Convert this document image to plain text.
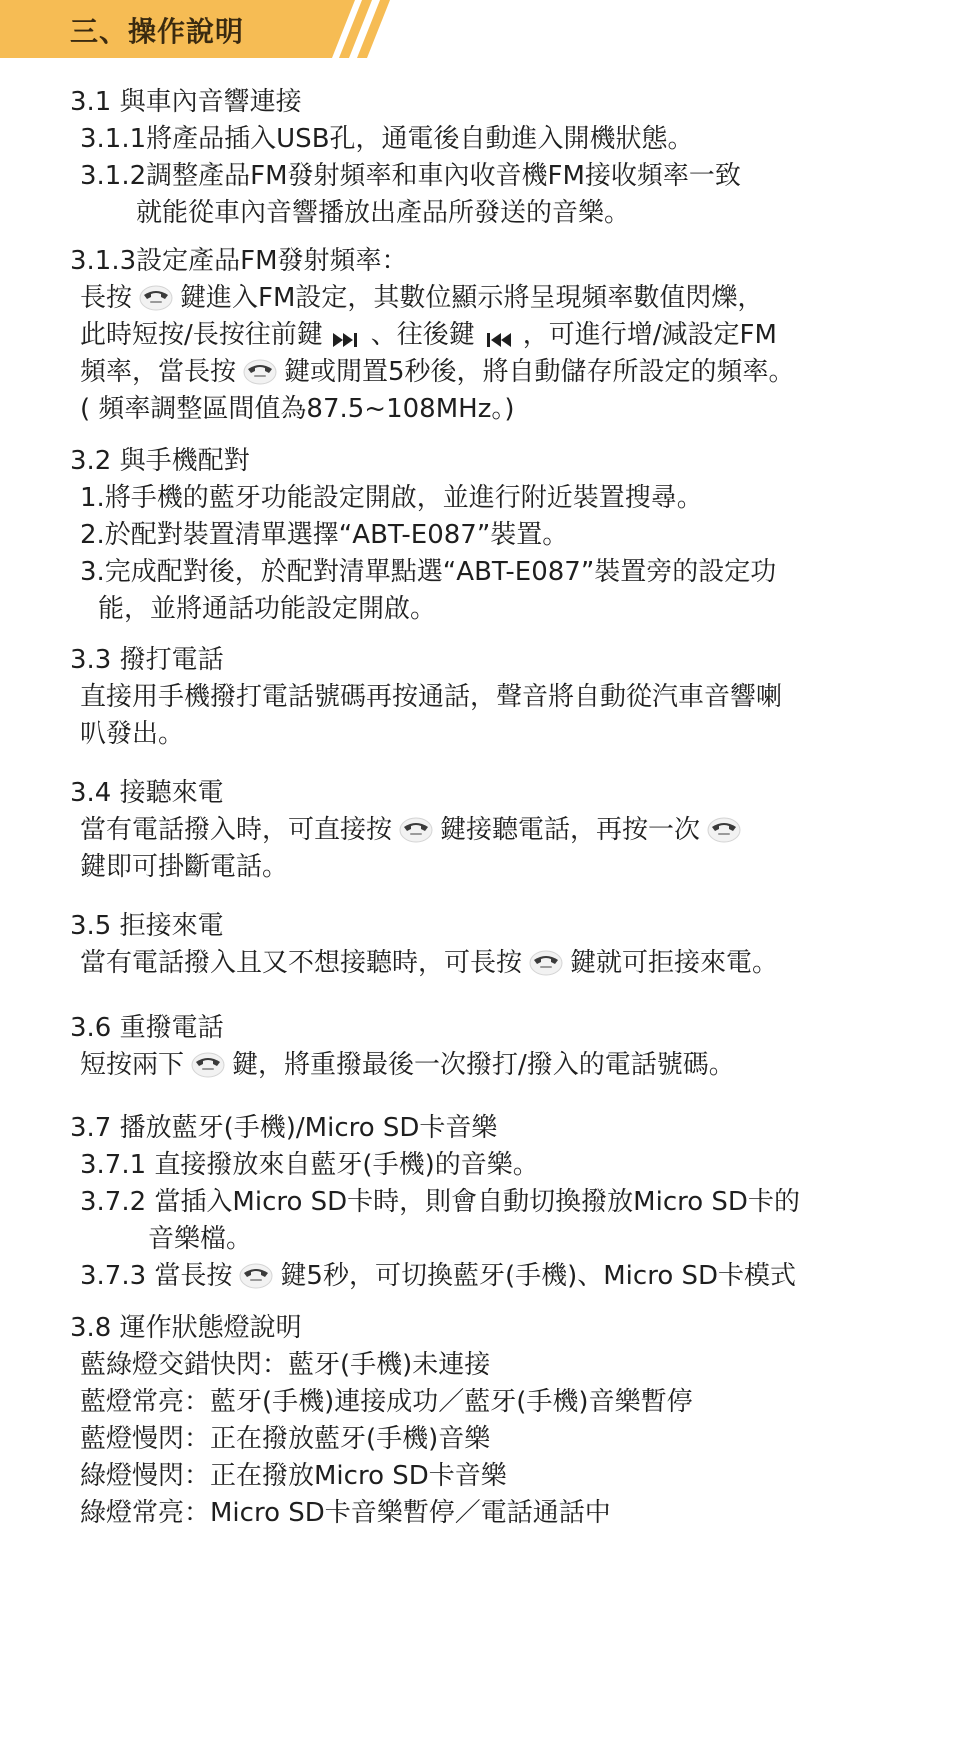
三、操作說明
3.1 與車內音響連接
3.1.1將產品插入USB孔，通電後自動進入開機狀態。
3.1.2調整產品FM發射頻率和車內收音機FM接收頻率一致
就能從車內音響播放出產品所發送的音樂。
3.1.3設定產品FM發射頻率：
長按 鍵進入FM設定，其數位顯示將呈現頻率數值閃爍，
此時短按/長按往前鍵 、往後鍵 ，可進行增/減設定FM
頻率，當長按 鍵或閒置5秒後，將自動儲存所設定的頻率。
( 頻率調整區間值為87.5~108MHz。)
3.2 與手機配對
1.將手機的藍牙功能設定開啟，並進行附近裝置搜尋。
2.於配對裝置清單選擇“ABT-E087”裝置。
3.完成配對後，於配對清單點選“ABT-E087”裝置旁的設定功
能，並將通話功能設定開啟。
3.3 撥打電話
直接用手機撥打電話號碼再按通話，聲音將自動從汽車音響喇
叭發出。
3.4 接聽來電
當有電話撥入時，可直接按 鍵接聽電話，再按一次
鍵即可掛斷電話。
3.5 拒接來電
當有電話撥入且又不想接聽時，可長按 鍵就可拒接來電。
3.6 重撥電話
短按兩下 鍵，將重撥最後一次撥打/撥入的電話號碼。
3.7 播放藍牙(手機)/Micro SD卡音樂
3.7.1 直接撥放來自藍牙(手機)的音樂。
3.7.2 當插入Micro SD卡時，則會自動切換撥放Micro SD卡的
音樂檔。
3.7.3 當長按 鍵5秒，可切換藍牙(手機)、Micro SD卡模式
3.8 運作狀態燈說明
藍綠燈交錯快閃：藍牙(手機)未連接
藍燈常亮：藍牙(手機)連接成功／藍牙(手機)音樂暫停
藍燈慢閃：正在撥放藍牙(手機)音樂
綠燈慢閃：正在撥放Micro SD卡音樂
綠燈常亮：Micro SD卡音樂暫停／電話通話中
